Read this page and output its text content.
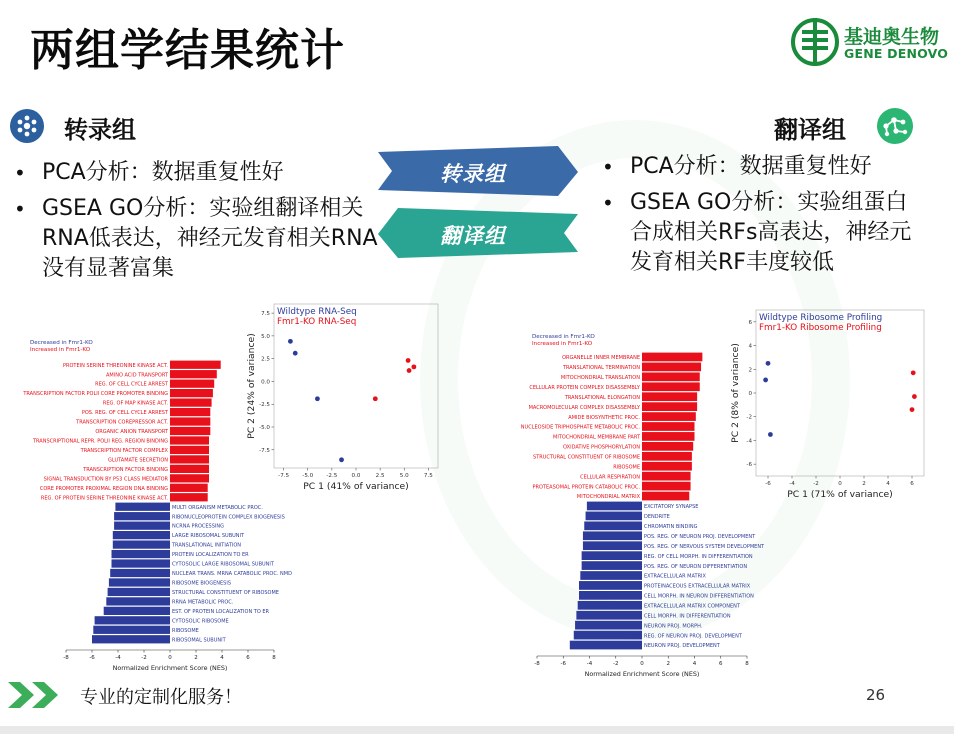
两组学结果统计	基迪奥生物
GENE DENOVO
转录组
• PCA分析：数据重复性好
• GSEA GO分析：实验组翻译相关RNA低表达，神经元发育相关RNA没有显著富集
转录组
翻译组
翻译组
• PCA分析：数据重复性好
• GSEA GO分析：实验组蛋白合成相关RFs高表达，神经元发育相关RF丰度较低
Decreased in Fmr1-KO
Increased in Fmr1-KO
PROTEIN SERINE THREONINE KINASE ACT.
AMINO ACID TRANSPORT
REG. OF CELL CYCLE ARREST
TRANSCRIPTION FACTOR POLII CORE PROMOTER BINDING
REG. OF MAP KINASE ACT.
POS. REG. OF CELL CYCLE ARREST
TRANSCRIPTION COREPRESSOR ACT.
ORGANIC ANION TRANSPORT
TRANSCRIPTIONAL REPR. POLII REG. REGION BINDING
TRANSCRIPTION FACTOR COMPLEX
GLUTAMATE SECRETION
TRANSCRIPTION FACTOR BINDING
SIGNAL TRANSDUCTION BY P53 CLASS MEDIATOR
CORE PROMOTER PROXIMAL REGION DNA BINDING
REG. OF PROTEIN SERINE THREONINE KINASE ACT.
MULTI ORGANISM METABOLIC PROC.
RIBONUCLEOPROTEIN COMPLEX BIOGENESIS
NCRNA PROCESSING
LARGE RIBOSOMAL SUBUNIT
TRANSLATIONAL INITIATION
PROTEIN LOCALIZATION TO ER
CYTOSOLIC LARGE RIBOSOMAL SUBUNIT
NUCLEAR TRANS. MRNA CATABOLIC PROC. NMD
RIBOSOME BIOGENESIS
STRUCTURAL CONSTITUENT OF RIBOSOME
RRNA METABOLIC PROC.
EST. OF PROTEIN LOCALIZATION TO ER
CYTOSOLIC RIBOSOME
RIBOSOME
RIBOSOMAL SUBUNIT
-8	-6	-4	-2	0	2	4	6	8
Normalized Enrichment Score (NES)
Wildtype RNA-Seq
Fmr1-KO RNA-Seq
-7.5 -5.0 -2.5	0.0	2.5	5.0	7.5
7.5
5.0
2.5
0.0
-2.5
-5.0
-7.5
PC 1 (41% of variance)
PC 2 (24% of variance)	Decreased in Fmr1-KO
Increased in Fmr1-KO
ORGANELLE INNER MEMBRANE
TRANSLATIONAL TERMINATION
MITOCHONDRIAL TRANSLATION
CELLULAR PROTEIN COMPLEX DISASSEMBLY
TRANSLATIONAL ELONGATION
MACROMOLECULAR COMPLEX DISASSEMBLY
AMIDE BIOSYNTHETIC PROC.
NUCLEOSIDE TRIPHOSPHATE METABOLIC PROC.
MITOCHONDRIAL MEMBRANE PART
OXIDATIVE PHOSPHORYLATION
STRUCTURAL CONSTITUENT OF RIBOSOME
RIBOSOME
CELLULAR RESPIRATION
PROTEASOMAL PROTEIN CATABOLIC PROC.
MITOCHONDRIAL MATRIX
EXCITATORY SYNAPSE
DENDRITE
CHROMATIN BINDING
POS. REG. OF NEURON PROJ. DEVELOPMENT
POS. REG. OF NERVOUS SYSTEM DEVELOPMENT
REG. OF CELL MORPH. IN DIFFERENTIATION
POS. REG. OF NEURON DIFFERENTIATION
EXTRACELLULAR MATRIX
PROTEINACEOUS EXTRACELLULAR MATRIX
CELL MORPH. IN NEURON DIFFERENTIATION
EXTRACELLULAR MATRIX COMPONENT
CELL MORPH. IN DIFFERENTIATION
NEURON PROJ. MORPH.
REG. OF NEURON PROJ. DEVELOPMENT
NEURON PROJ. DEVELOPMENT
-8	-6	-4	-2	0	2	4	6	8
Normalized Enrichment Score (NES)
Wildtype Ribosome Profiling
Fmr1-KO Ribosome Profiling
-6	-4	-2	0	2	4	6
6
4
2
0
-2
-4
-6
PC 1 (71% of variance)
PC 2 (8% of variance)
专业的定制化服务！	26
